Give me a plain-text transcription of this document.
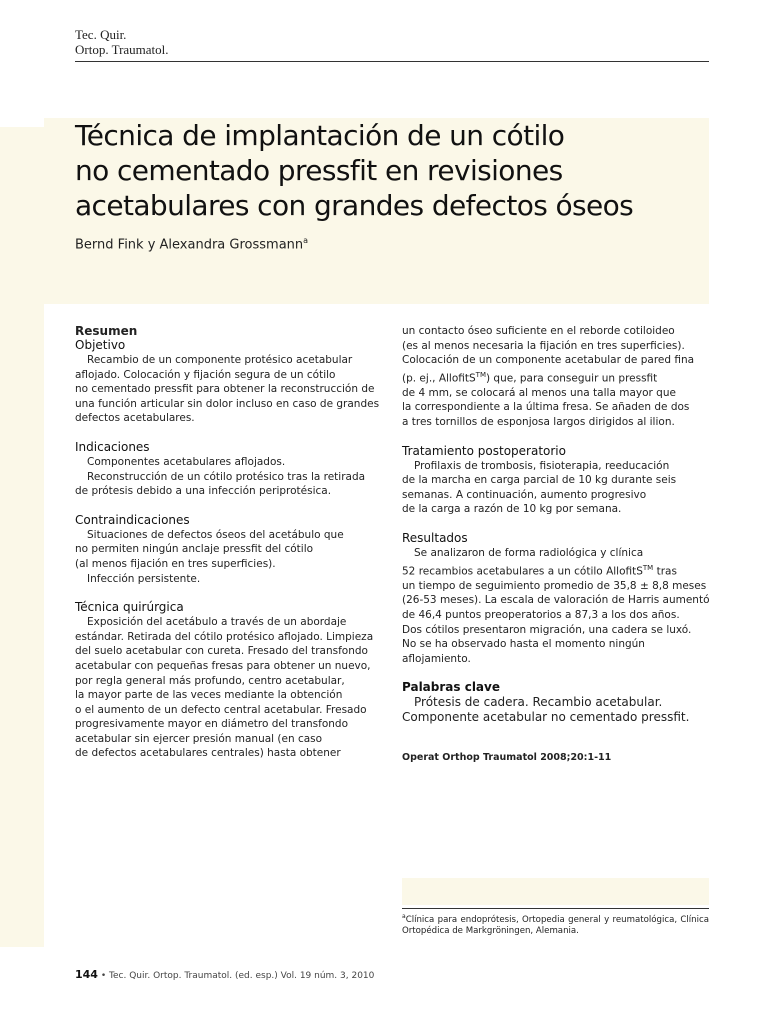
Tec. Quir.
Ortop. Traumatol.
Técnica de implantación de un cótilo
no cementado pressfit en revisiones
acetabulares con grandes defectos óseos
Bernd Fink y Alexandra Grossmann$^a$
Resumen
Objetivo
Recambio de un componente protésico acetabular
aflojado. Colocación y fijación segura de un cótilo
no cementado pressfit para obtener la reconstrucción de
una función articular sin dolor incluso en caso de grandes
defectos acetabulares.
Indicaciones
Componentes acetabulares aflojados.
Reconstrucción de un cótilo protésico tras la retirada
de prótesis debido a una infección periprotésica.
Contraindicaciones
Situaciones de defectos óseos del acetábulo que
no permiten ningún anclaje pressfit del cótilo
(al menos fijación en tres superficies).
Infección persistente.
Técnica quirúrgica
Exposición del acetábulo a través de un abordaje
estándar. Retirada del cótilo protésico aflojado. Limpieza
del suelo acetabular con cureta. Fresado del transfondo
acetabular con pequeñas fresas para obtener un nuevo,
por regla general más profundo, centro acetabular,
la mayor parte de las veces mediante la obtención
o el aumento de un defecto central acetabular. Fresado
progresivamente mayor en diámetro del transfondo
acetabular sin ejercer presión manual (en caso
de defectos acetabulares centrales) hasta obtener
un contacto óseo suficiente en el reborde cotiloideo
(es al menos necesaria la fijación en tres superficies).
Colocación de un componente acetabular de pared fina
(p. ej., AllofitS™) que, para conseguir un pressfit
de 4 mm, se colocará al menos una talla mayor que
la correspondiente a la última fresa. Se añaden de dos
a tres tornillos de esponjosa largos dirigidos al ilion.
Tratamiento postoperatorio
Profilaxis de trombosis, fisioterapia, reeducación
de la marcha en carga parcial de 10 kg durante seis
semanas. A continuación, aumento progresivo
de la carga a razón de 10 kg por semana.
Resultados
Se analizaron de forma radiológica y clínica
52 recambios acetabulares a un cótilo AllofitS™ tras
un tiempo de seguimiento promedio de 35,8 ± 8,8 meses
(26-53 meses). La escala de valoración de Harris aumentó
de 46,4 puntos preoperatorios a 87,3 a los dos años.
Dos cótilos presentaron migración, una cadera se luxó.
No se ha observado hasta el momento ningún
aflojamiento.
Palabras clave
Prótesis de cadera. Recambio acetabular.
Componente acetabular no cementado pressfit.
Operat Orthop Traumatol 2008;20:1-11
$^a$Clínica para endoprótesis, Ortopedia general y reumatológica, Clínica Ortopédica de Markgröningen, Alemania.
144 • Tec. Quir. Ortop. Traumatol. (ed. esp.) Vol. 19 núm. 3, 2010
